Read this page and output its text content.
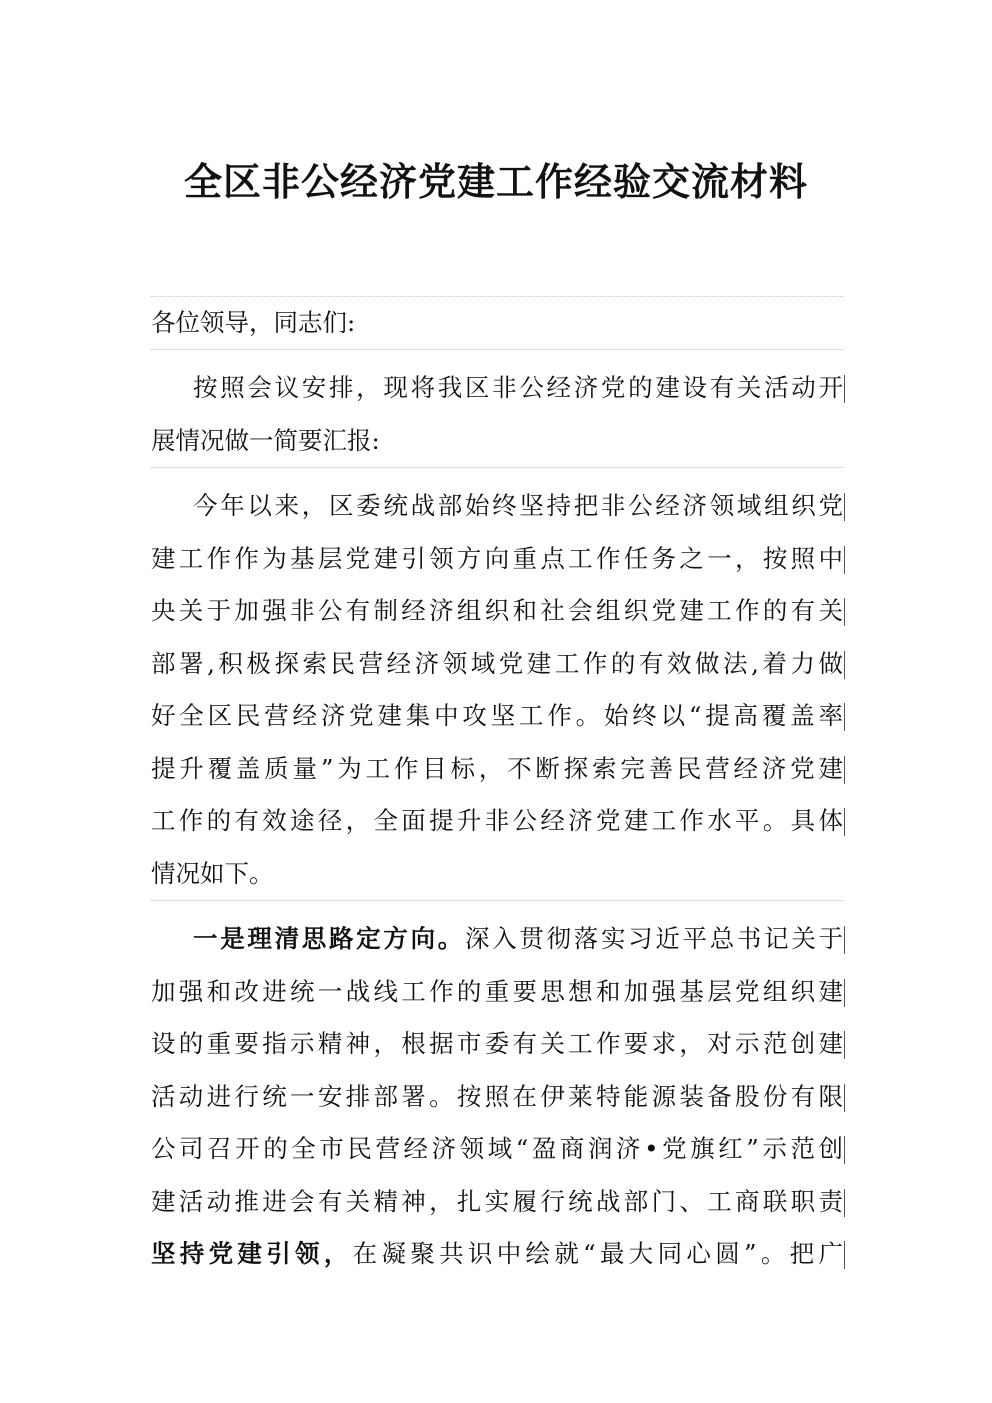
全区非公经济党建工作经验交流材料
各位领导，同志们:
按照会议安排，现将我区非公经济党的建设有关活动开
展情况做一简要汇报:
今年以来，区委统战部始终坚持把非公经济领域组织党
建工作作为基层党建引领方向重点工作任务之一，按照中
央关于加强非公有制经济组织和社会组织党建工作的有关
部署,积极探索民营经济领域党建工作的有效做法,着力做
好全区民营经济党建集中攻坚工作。始终以“提高覆盖率
提升覆盖质量”为工作目标，不断探索完善民营经济党建
工作的有效途径，全面提升非公经济党建工作水平。具体
情况如下。
一是理清思路定方向。深入贯彻落实习近平总书记关于
加强和改进统一战线工作的重要思想和加强基层党组织建
设的重要指示精神，根据市委有关工作要求，对示范创建
活动进行统一安排部署。按照在伊莱特能源装备股份有限
公司召开的全市民营经济领域“盈商润济•党旗红”示范创
建活动推进会有关精神，扎实履行统战部门、工商联职责
坚持党建引领，在凝聚共识中绘就“最大同心圆”。把广
